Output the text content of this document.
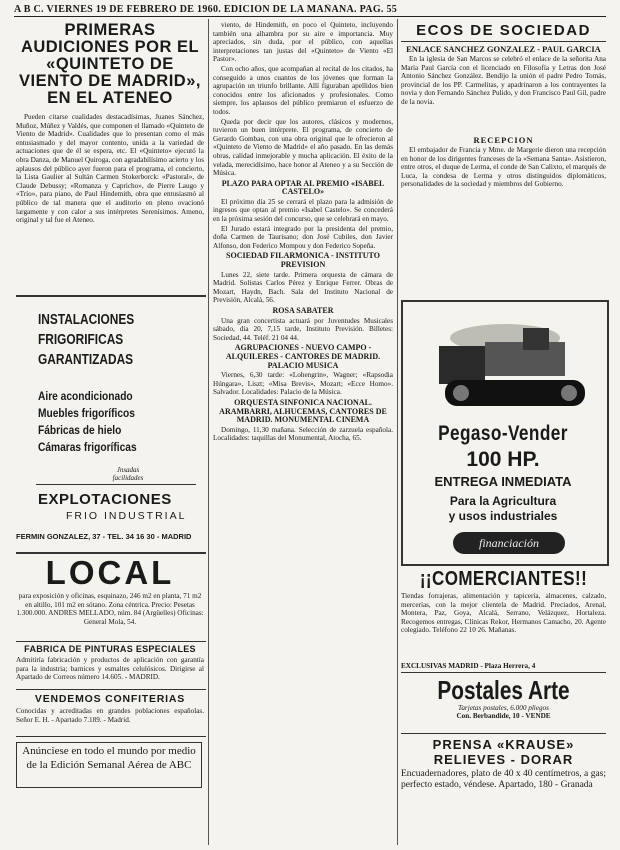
A B C. VIERNES 19 DE FEBRERO DE 1960. EDICION DE LA MAÑANA. PAG. 55
PRIMERAS AUDICIONES POR EL «QUINTETO DE VIENTO DE MADRID», EN EL ATENEO

Pueden citarse cualidades destacadísimas, Juanes Sánchez, Muñoz, Múñez y Valdés, que componen el llamado «Quinteto de Viento de Madrid». Cualidades que lo presentan como el más entusiasmado y del mayor contento, unida a la variedad de actuaciones que de él se espera, etc. El «Quinteto» ejecutó la obra Danza, de Manuel Quiroga, con agradabilísimo acierto y los aplausos del público ayer fueron para el programa, el concierto, la Lista Gaulier al Sultán Carmen Stokerborck: «Pastoral», de Claude Debussy; «Romanza y Capricho», de Pierre Laugo y «Trío», para piano, de Paul Hindemith, obra que entusiasmó al público de tal manera que el auditorio en pleno ovacionó largamente y con calor a sus intérpretes Serenísimos. Ameno, original y tal fue el Ateneo.

INSTALACIONES
FRIGORIFICAS
GARANTIZADAS
Aire acondicionado
Muebles frigoríficos
Fábricas de hielo
Cámaras frigoríficas
Jnsadas facilidades
EXPLOTACIONES
FRIO INDUSTRIAL
FERMIN GONZALEZ, 37 - TEL. 34 16 30 - MADRID
LOCAL
para exposición y oficinas, esquinazo, 246 m2 en planta, 71 m2 en altillo, 101 m2 en sótano. Zona céntrica. Precio: Pesetas 1.300.000. ANDRES MELLADO, núm. 84 (Argüelles) Oficinas: General Mola, 54.
FABRICA DE PINTURAS ESPECIALES
Admitiría fabricación y productos de aplicación con garantía para la industria; barnices y esmaltes celulósicos. Dirigirse al Apartado de Correos número 14.605. - MADRID.
VENDEMOS CONFITERIAS
Conocidas y acreditadas en grandes poblaciones españolas. Señor E. H. - Apartado 7.189. - Madrid.
Anúnciese en todo el mundo por medio de la Edición Semanal Aérea de ABC

viento, de Hindemith, en poco el Quinteto, incluyendo también una alhambra por su aire e importancia. Muy apreciados, sin duda, por el público, con aquellas interpretaciones tan justas del «Quinteto» de Viento «El Pastor».

Con ocho años, que acompañan al recital de los citados, ha conseguido a unos cuantos de los jóvenes que forman la agrupación un triunfo brillante. Allí figuraban apellidos bien conocidos entre los aficionados y profesionales. Como siempre, los aplausos del público premiaron el esfuerzo de todos.

Queda por decir que los autores, clásicos y modernos, tuvieron un buen intérprete. El programa, de concierto de Gerardo Gombau, con una obra original que le ofrecieron al «Quinteto de Viento de Madrid» el año pasado. En las demás obras, calidad inmejorable y mucha aplicación. El éxito de la velada, merecidísimo, hace honor al Ateneo y a su Sección de Música.

PLAZO PARA OPTAR AL PREMIO «ISABEL CASTELO»

El próximo día 25 se cerrará el plazo para la admisión de ingresos que optan al premio «Isabel Castelo». Se concederá en la próxima sesión del concurso, que se celebrará en mayo.

El Jurado estará integrado por la presidenta del premio, doña Carmen de Taurisano; don José Cubiles, don Javier Alfonso, don Federico Mompou y don Federico Sopeña.

SOCIEDAD FILARMONICA - INSTITUTO PREVISION

Lunes 22, siete tarde. Primera orquesta de cámara de Madrid. Solistas Carlos Pérez y Enrique Ferrer. Obras de Mozart, Haydn, Bach. Sala del Instituto Nacional de Previsión, Alcalá, 56.

ROSA SABATER

Una gran concertista actuará por Juventudes Musicales sábado, día 20, 7,15 tarde, Instituto Previsión. Billetes: Sociedad, 44. Teléf. 21 04 44.

AGRUPACIONES - NUEVO CAMPO - ALQUILERES - CANTORES DE MADRID. PALACIO MUSICA

Viernes, 6,30 tarde: «Lohengrin», Wagner; «Rapsodia Húngara», Liszt; «Misa Brevis», Mozart; «Ecce Homo». Salvador. Localidades: Palacio de la Música.

ORQUESTA SINFONICA NACIONAL. ARAMBARRI, ALHUCEMAS, CANTORES DE MADRID. MONUMENTAL CINEMA

Domingo, 11,30 mañana. Selección de zarzuela española. Localidades: taquillas del Monumental, Atocha, 65.

ECOS DE SOCIEDAD
ENLACE SANCHEZ GONZALEZ - PAUL GARCIA

En la iglesia de San Marcos se celebró el enlace de la señorita Ana María Paul García con el licenciado en Filosofía y Letras don José Antonio Sánchez González. Bendijo la unión el padre Pedro Tomás, provincial de los PP. Carmelitas, y apadrinaron a los contrayentes la novia y don Fernando Sánchez Pulido, y don Francisco Paul Gil, padre de la novia.

RECEPCION

El embajador de Francia y Mme. de Margerie dieron una recepción en honor de los dirigentes franceses de la «Semana Santa». Asistieron, entre otros, el duque de Lerma, el conde de San Calixto, el marqués de Luca, la condesa de Lerma y otros distinguidos diplomáticos, personalidades de la sociedad y miembros del Gobierno.

Pegaso-Vender
100 HP.
ENTREGA INMEDIATA
Para la Agricultura
y usos industriales
financiación
¡¡COMERCIANTES!!
Tiendas forrajeras, alimentación y tapicería, almacenes, calzado, mercerías, con la mejor clientela de Madrid. Preciados, Arenal, Montera, Paz, Goya, Alcalá, Serrano, Velázquez, Hortaleza. Recogemos entregas, Clínicas Rekor, Hermanos Camacho, 20. Agente colegiado. Teléfono 22 10 26. Mañanas.
EXCLUSIVAS MADRID - Plaza Herrera, 4
Postales Arte
Tarjetas postales, 6.000 pliegos
Con. Berbandide, 10 - VENDE
PRENSA «KRAUSE» RELIEVES - DORAR
Encuadernadores, plato de 40 x 40 centímetros, a gas; perfecto estado, véndese. Apartado, 180 - Granada
